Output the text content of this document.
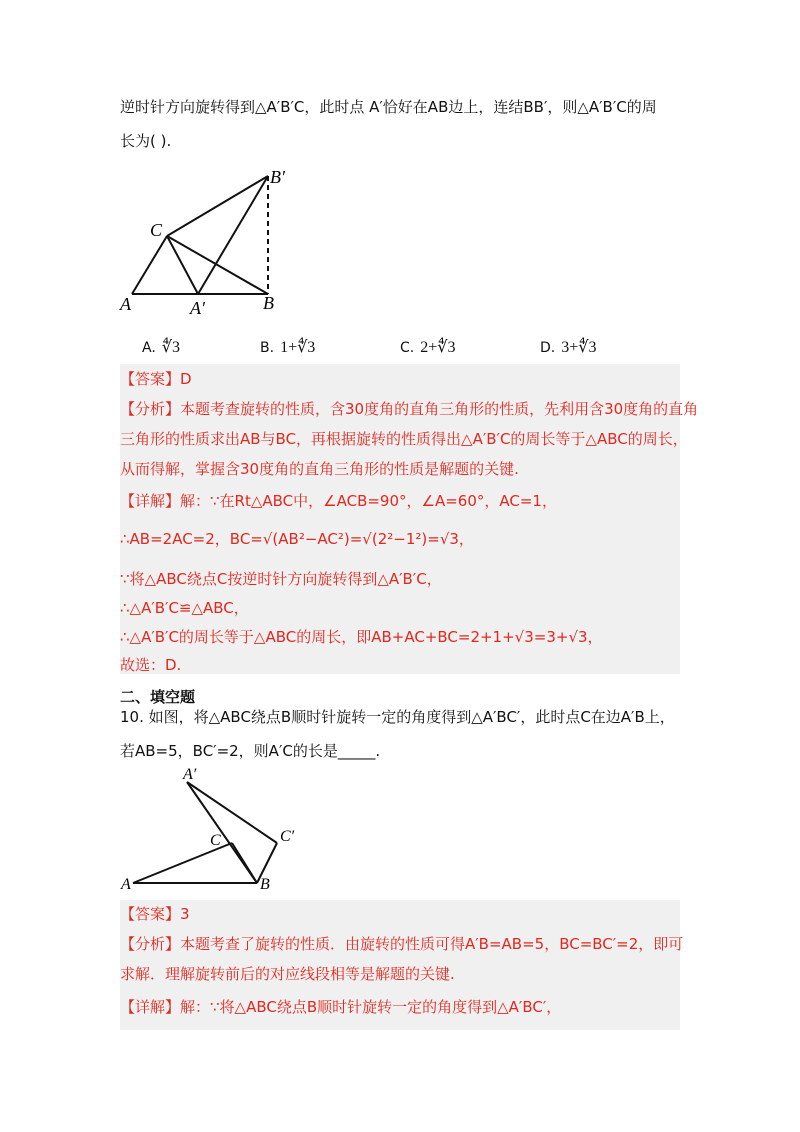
逆时针方向旋转得到△A′B′C，此时点 A′恰好在AB边上，连结BB′，则△A′B′C的周
长为( ).
A	A′	B
B′
C
A. ∜3	B. 1+∜3	C. 2+∜3	D. 3+∜3
【答案】D
【分析】本题考查旋转的性质，含30度角的直角三角形的性质，先利用含30度角的直角
三角形的性质求出AB与BC，再根据旋转的性质得出△A′B′C的周长等于△ABC的周长，
从而得解，掌握含30度角的直角三角形的性质是解题的关键.
【详解】解：∵在Rt△ABC中，∠ACB=90°，∠A=60°，AC=1，
∴AB=2AC=2，BC=√(AB²−AC²)=√(2²−1²)=√3，
∵将△ABC绕点C按逆时针方向旋转得到△A′B′C，
∴△A′B′C≌△ABC，
∴△A′B′C的周长等于△ABC的周长，即AB+AC+BC=2+1+√3=3+√3，
故选：D.
二、填空题
10. 如图，将△ABC绕点B顺时针旋转一定的角度得到△A′BC′，此时点C在边A′B上，
若AB=5，BC′=2，则A′C的长是_____.
A
A′
B
C	C′
【答案】3
【分析】本题考查了旋转的性质．由旋转的性质可得A′B=AB=5，BC=BC′=2，即可
求解．理解旋转前后的对应线段相等是解题的关键.
【详解】解：∵将△ABC绕点B顺时针旋转一定的角度得到△A′BC′，
